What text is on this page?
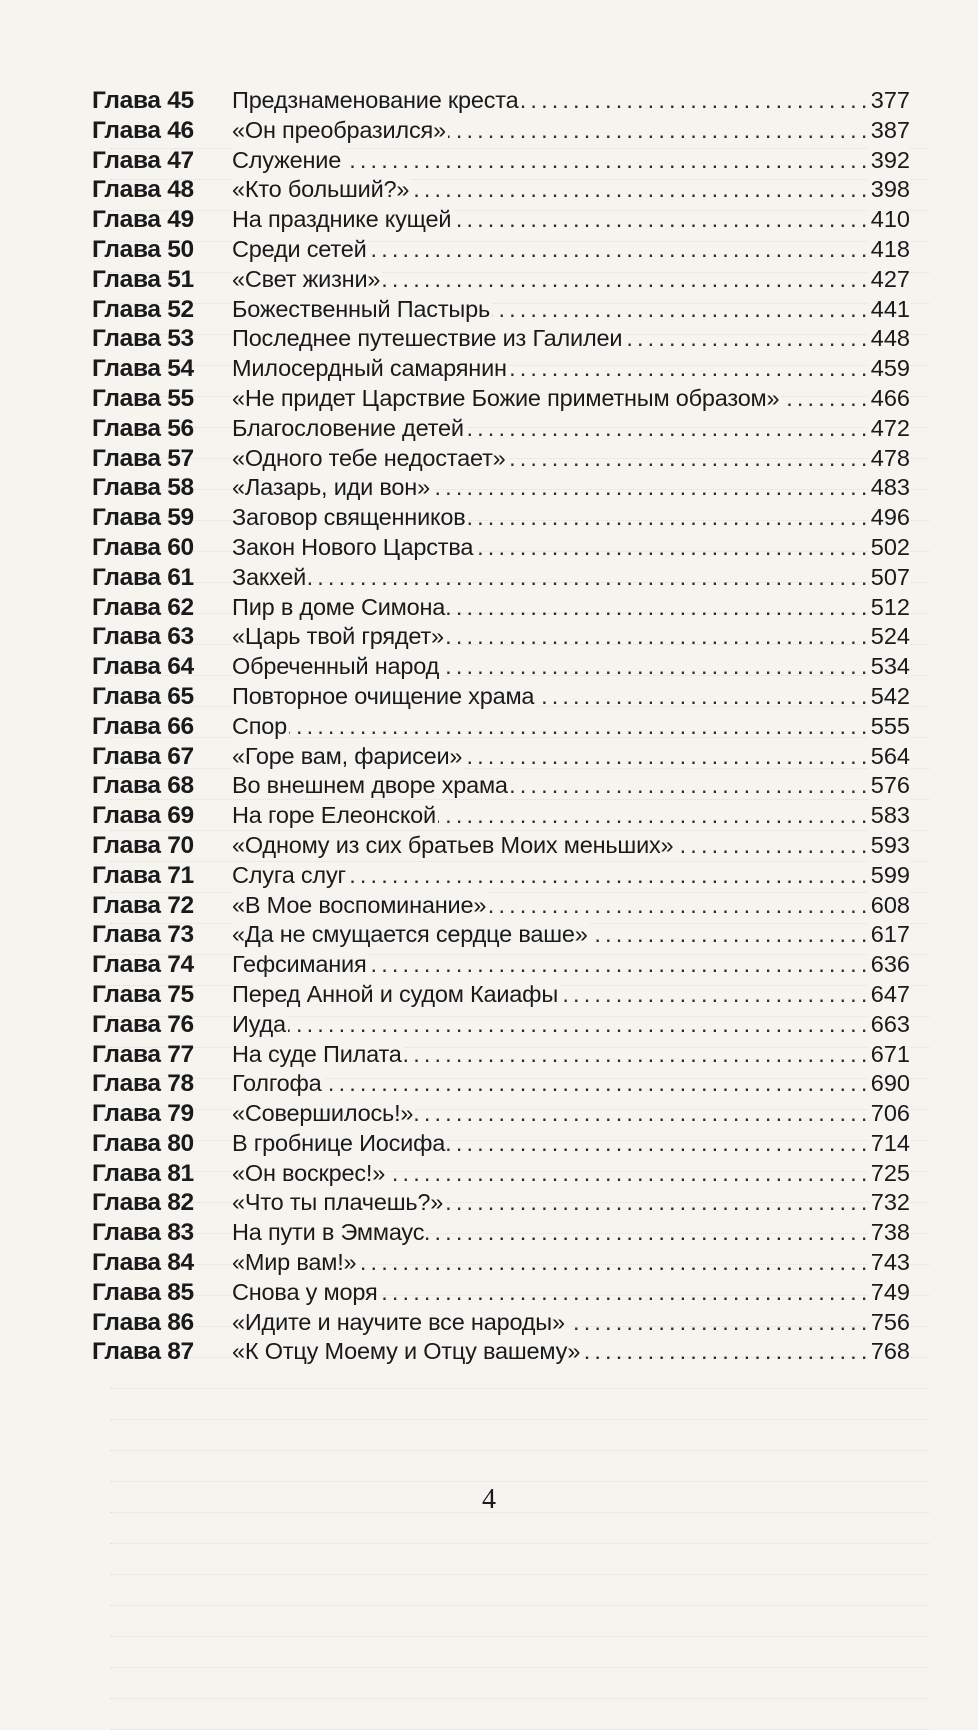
Глава 45	Предзнаменование креста . . .	377
Глава 46	«Он преобразился» . . .	387
Глава 47	Служение . . .	392
Глава 48	«Кто больший?» . . .	398
Глава 49	На празднике кущей . . .	410
Глава 50	Среди сетей . . .	418
Глава 51	«Свет жизни» . . .	427
Глава 52	Божественный Пастырь . . .	441
Глава 53	Последнее путешествие из Галилеи . . .	448
Глава 54	Милосердный самарянин . . .	459
Глава 55	«Не придет Царствие Божие приметным образом» . . .	466
Глава 56	Благословение детей . . .	472
Глава 57	«Одного тебе недостает» . . .	478
Глава 58	«Лазарь, иди вон» . . .	483
Глава 59	Заговор священников . . .	496
Глава 60	Закон Нового Царства . . .	502
Глава 61	Закхей . . .	507
Глава 62	Пир в доме Симона . . .	512
Глава 63	«Царь твой грядет» . . .	524
Глава 64	Обреченный народ . . .	534
Глава 65	Повторное очищение храма . . .	542
Глава 66	Спор . . .	555
Глава 67	«Горе вам, фарисеи» . . .	564
Глава 68	Во внешнем дворе храма . . .	576
Глава 69	На горе Елеонской . . .	583
Глава 70	«Одному из сих братьев Моих меньших» . . .	593
Глава 71	Слуга слуг . . .	599
Глава 72	«В Мое воспоминание» . . .	608
Глава 73	«Да не смущается сердце ваше» . . .	617
Глава 74	Гефсимания . . .	636
Глава 75	Перед Анной и судом Каиафы . . .	647
Глава 76	Иуда . . .	663
Глава 77	На суде Пилата . . .	671
Глава 78	Голгофа . . .	690
Глава 79	«Совершилось!» . . .	706
Глава 80	В гробнице Иосифа . . .	714
Глава 81	«Он воскрес!» . . .	725
Глава 82	«Что ты плачешь?» . . .	732
Глава 83	На пути в Эммаус . . .	738
Глава 84	«Мир вам!» . . .	743
Глава 85	Снова у моря . . .	749
Глава 86	«Идите и научите все народы» . . .	756
Глава 87	«К Отцу Моему и Отцу вашему» . . .	768
4
